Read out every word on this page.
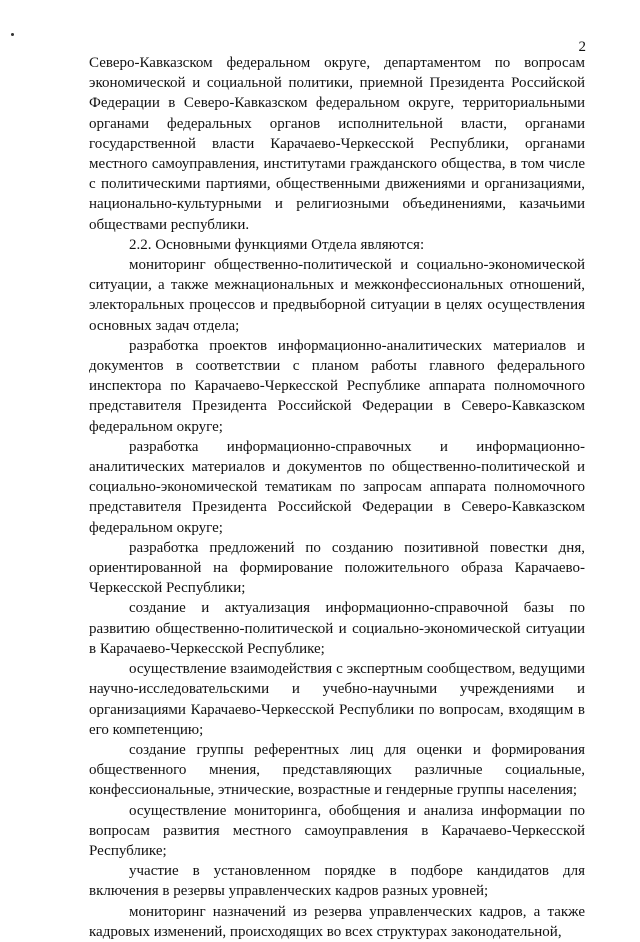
2

Северо-Кавказском федеральном округе, департаментом по вопросам экономической и социальной политики, приемной Президента Российской Федерации в Северо-Кавказском федеральном округе, территориальными органами федеральных органов исполнительной власти, органами государственной власти Карачаево-Черкесской Республики, органами местного самоуправления, институтами гражданского общества, в том числе с политическими партиями, общественными движениями и организациями, национально-культурными и религиозными объединениями, казачьими обществами республики.

2.2. Основными функциями Отдела являются:

мониторинг общественно-политической и социально-экономической ситуации, а также межнациональных и межконфессиональных отношений, электоральных процессов и предвыборной ситуации в целях осуществления основных задач отдела;

разработка проектов информационно-аналитических материалов и документов в соответствии с планом работы главного федерального инспектора по Карачаево-Черкесской Республике аппарата полномочного представителя Президента Российской Федерации в Северо-Кавказском федеральном округе;

разработка информационно-справочных и информационно-аналитических материалов и документов по общественно-политической и социально-экономической тематикам по запросам аппарата полномочного представителя Президента Российской Федерации в Северо-Кавказском федеральном округе;

разработка предложений по созданию позитивной повестки дня, ориентированной на формирование положительного образа Карачаево-Черкесской Республики;

создание и актуализация информационно-справочной базы по развитию общественно-политической и социально-экономической ситуации в Карачаево-Черкесской Республике;

осуществление взаимодействия с экспертным сообществом, ведущими научно-исследовательскими и учебно-научными учреждениями и организациями Карачаево-Черкесской Республики по вопросам, входящим в его компетенцию;

создание группы референтных лиц для оценки и формирования общественного мнения, представляющих различные социальные, конфессиональные, этнические, возрастные и гендерные группы населения;

осуществление мониторинга, обобщения и анализа информации по вопросам развития местного самоуправления в Карачаево-Черкесской Республике;

участие в установленном порядке в подборе кандидатов для включения в резервы управленческих кадров разных уровней;

мониторинг назначений из резерва управленческих кадров, а также кадровых изменений, происходящих во всех структурах законодательной,
